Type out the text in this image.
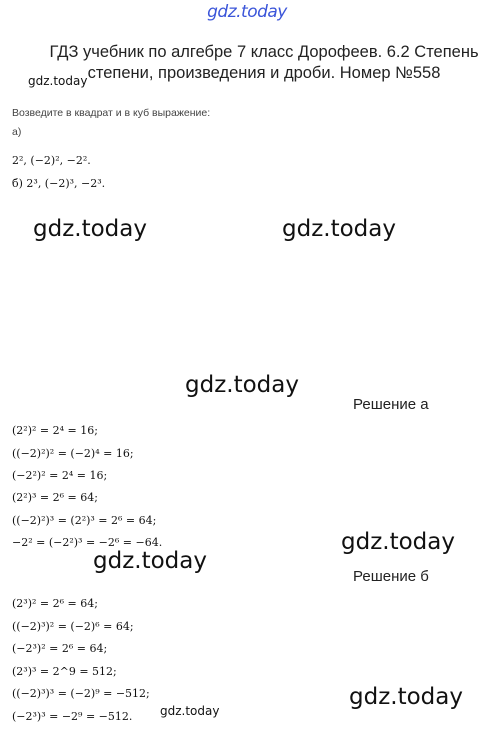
gdz.today
ГДЗ учебник по алгебре 7 класс Дорофеев. 6.2 Степень степени, произведения и дроби. Номер №558
gdz.today
gdz.today	gdz.today
gdz.today
gdz.today
gdz.today
gdz.today
gdz.today
Возведите в квадрат и в куб выражение:
а)
2², (−2)², −2².
б) 2³, (−2)³, −2³.
Решение а
(2²)² = 2⁴ = 16;
((−2)²)² = (−2)⁴ = 16;
(−2²)² = 2⁴ = 16;
(2²)³ = 2⁶ = 64;
((−2)²)³ = (2²)³ = 2⁶ = 64;
−2² = (−2²)³ = −2⁶ = −64.
Решение б
(2³)² = 2⁶ = 64;
((−2)³)² = (−2)⁶ = 64;
(−2³)² = 2⁶ = 64;
(2³)³ = 2^9 = 512;
((−2)³)³ = (−2)⁹ = −512;
(−2³)³ = −2⁹ = −512.
